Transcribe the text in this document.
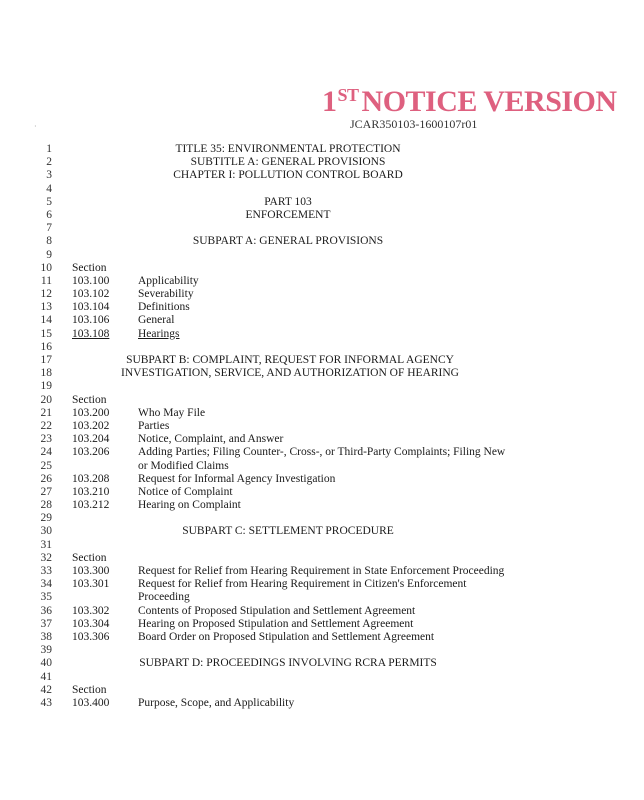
1ST NOTICE VERSION
JCAR350103-1600107r01
·
1	TITLE 35: ENVIRONMENTAL PROTECTION
2	SUBTITLE A: GENERAL PROVISIONS
3	CHAPTER I: POLLUTION CONTROL BOARD
4
5	PART 103
6	ENFORCEMENT
7
8	SUBPART A: GENERAL PROVISIONS
9
10 Section
11 103.100 Applicability
12 103.102 Severability
13 103.104 Definitions
14 103.106 General
15 103.108 Hearings
16
17	SUBPART B: COMPLAINT, REQUEST FOR INFORMAL AGENCY
18	INVESTIGATION, SERVICE, AND AUTHORIZATION OF HEARING
19
20 Section
21 103.200 Who May File
22 103.202 Parties
23 103.204 Notice, Complaint, and Answer
24 103.206 Adding Parties; Filing Counter-, Cross-, or Third-Party Complaints; Filing New
25	or Modified Claims
26 103.208 Request for Informal Agency Investigation
27 103.210 Notice of Complaint
28 103.212 Hearing on Complaint
29
30	SUBPART C: SETTLEMENT PROCEDURE
31
32 Section
33 103.300 Request for Relief from Hearing Requirement in State Enforcement Proceeding
34 103.301 Request for Relief from Hearing Requirement in Citizen's Enforcement
35	Proceeding
36 103.302 Contents of Proposed Stipulation and Settlement Agreement
37 103.304 Hearing on Proposed Stipulation and Settlement Agreement
38 103.306 Board Order on Proposed Stipulation and Settlement Agreement
39
40	SUBPART D: PROCEEDINGS INVOLVING RCRA PERMITS
41
42 Section
43 103.400 Purpose, Scope, and Applicability
